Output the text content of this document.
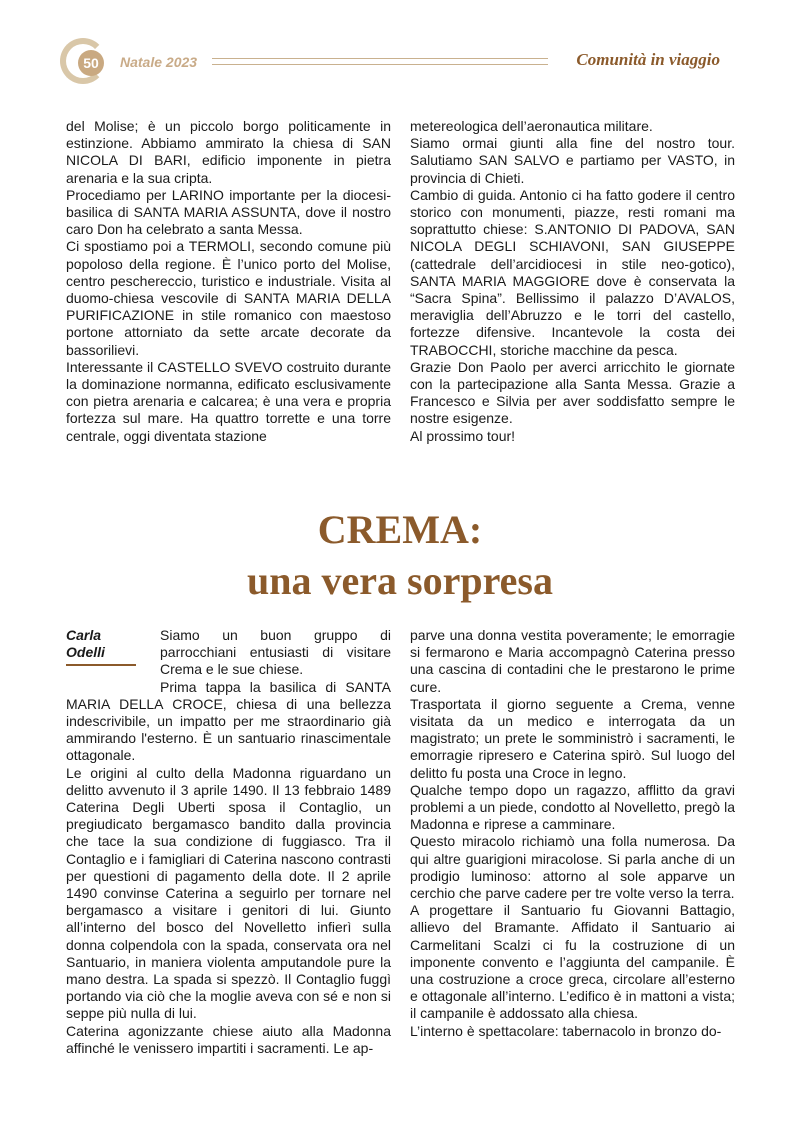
50	Natale 2023	Comunità in viaggio

del Molise; è un piccolo borgo politicamente in estinzione. Abbiamo ammirato la chiesa di SAN NICOLA DI BARI, edificio imponente in pietra arenaria e la sua cripta.

Procediamo per LARINO importante per la diocesi-basilica di SANTA MARIA ASSUNTA, dove il nostro caro Don ha celebrato a santa Messa.

Ci spostiamo poi a TERMOLI, secondo comune più popoloso della regione. È l’unico porto del Molise, centro peschereccio, turistico e industriale. Visita al duomo-chiesa vescovile di SANTA MARIA DELLA PURIFICAZIONE in stile romanico con maestoso portone attorniato da sette arcate decorate da bassorilievi.

Interessante il CASTELLO SVEVO costruito durante la dominazione normanna, edificato esclusivamente con pietra arenaria e calcarea; è una vera e propria fortezza sul mare. Ha quattro torrette e una torre centrale, oggi diventata stazione

metereologica dell’aeronautica militare.

Siamo ormai giunti alla fine del nostro tour. Salutiamo SAN SALVO e partiamo per VASTO, in provincia di Chieti.

Cambio di guida. Antonio ci ha fatto godere il centro storico con monumenti, piazze, resti romani ma soprattutto chiese: S.ANTONIO DI PADOVA, SAN NICOLA DEGLI SCHIAVONI, SAN GIUSEPPE (cattedrale dell’arcidiocesi in stile neo-gotico), SANTA MARIA MAGGIORE dove è conservata la “Sacra Spina”. Bellissimo il palazzo D’AVALOS, meraviglia dell’Abruzzo e le torri del castello, fortezze difensive. Incantevole la costa dei TRABOCCHI, storiche macchine da pesca.

Grazie Don Paolo per averci arricchito le giornate con la partecipazione alla Santa Messa. Grazie a Francesco e Silvia per aver soddisfatto sempre le nostre esigenze.

Al prossimo tour!

CREMA:
una vera sorpresa
Carla
Odelli

Siamo un buon gruppo di parrocchiani entusiasti di visitare Crema e le sue chiese.

Prima tappa la basilica di SANTA MARIA DELLA CROCE, chiesa di una bellezza indescrivibile, un impatto per me straordinario già ammirando l'esterno. È un santuario rinascimentale ottagonale.

Le origini al culto della Madonna riguardano un delitto avvenuto il 3 aprile 1490. Il 13 febbraio 1489 Caterina Degli Uberti sposa il Contaglio, un pregiudicato bergamasco bandito dalla provincia che tace la sua condizione di fuggiasco. Tra il Contaglio e i famigliari di Caterina nascono contrasti per questioni di pagamento della dote. Il 2 aprile 1490 convinse Caterina a seguirlo per tornare nel bergamasco a visitare i genitori di lui. Giunto all’interno del bosco del Novelletto infierì sulla donna colpendola con la spada, conservata ora nel Santuario, in maniera violenta amputandole pure la mano destra. La spada si spezzò. Il Contaglio fuggì portando via ciò che la moglie aveva con sé e non si seppe più nulla di lui.

Caterina agonizzante chiese aiuto alla Madonna affinché le venissero impartiti i sacramenti. Le ap-

parve una donna vestita poveramente; le emorragie si fermarono e Maria accompagnò Caterina presso una cascina di contadini che le prestarono le prime cure.

Trasportata il giorno seguente a Crema, venne visitata da un medico e interrogata da un magistrato; un prete le somministrò i sacramenti, le emorragie ripresero e Caterina spirò. Sul luogo del delitto fu posta una Croce in legno.

Qualche tempo dopo un ragazzo, afflitto da gravi problemi a un piede, condotto al Novelletto, pregò la Madonna e riprese a camminare.

Questo miracolo richiamò una folla numerosa. Da qui altre guarigioni miracolose. Si parla anche di un prodigio luminoso: attorno al sole apparve un cerchio che parve cadere per tre volte verso la terra.

A progettare il Santuario fu Giovanni Battagio, allievo del Bramante. Affidato il Santuario ai Carmelitani Scalzi ci fu la costruzione di un imponente convento e l’aggiunta del campanile. È una costruzione a croce greca, circolare all’esterno e ottagonale all’interno. L’edifico è in mattoni a vista; il campanile è addossato alla chiesa.

L’interno è spettacolare: tabernacolo in bronzo do-
